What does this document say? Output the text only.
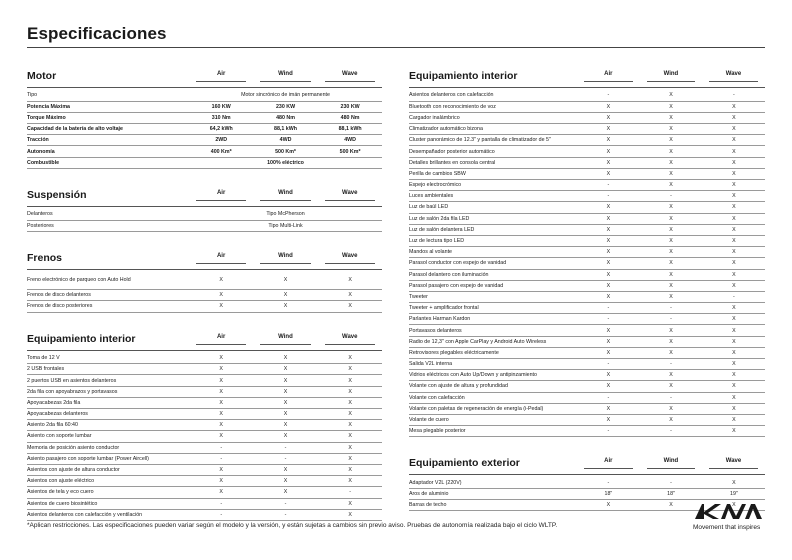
Especificaciones
Motor	Air	Wind	Wave
Tipo	Motor sincrónico de imán permanente		
Potencia Máxima	160 KW	230 KW	230 KW
Torque Máximo	310 Nm	480 Nm	480 Nm
Capacidad de la batería de alto voltaje	64,2 kWh	88,1 kWh	88,1 kWh
Tracción	2WD	4WD	4WD
Autonomía	400 Km*	500 Km*	500 Km*
Combustible	100% eléctrico		
Suspensión	Air	Wind	Wave
Delanteros	Tipo McPherson
Posteriores	Tipo Multi-Link
Frenos	Air	Wind	Wave
Freno electrónico de parqueo con Auto Hold	X	X	X
Frenos de disco delanteros	X	X	X
Frenos de disco posteriores	X	X	X
Equipamiento interior	Air	Wind	Wave
Toma de 12 V	X	X	X
2 USB frontales	X	X	X
2 puertos USB en asientos delanteros	X	X	X
2da fila con apoyabrazos y portavasos	X	X	X
Apoyacabezas 2da fila	X	X	X
Apoyacabezas delanteros	X	X	X
Asiento 2da fila 60:40	X	X	X
Asiento con soporte lumbar	X	X	X
Memoria de posición asiento conductor	-	-	X
Asiento pasajero con soporte lumbar (Power Aircell)	-	-	X
Asientos con ajuste de altura conductor	X	X	X
Asientos con ajuste eléctrico	X	X	X
Asientos de tela y eco cuero	X	X	-
Asientos de cuero biosintético	-	-	X
Asientos delanteros con calefacción y ventilación	-	-	X
Equipamiento interior	Air	Wind	Wave
Asientos delanteros con calefacción	-	X	-
Bluetooth con reconocimiento de voz	X	X	X
Cargador inalámbrico	X	X	X
Climatizador automático bizona	X	X	X
Cluster panorámico de 12.3" y pantalla de climatizador de 5"	X	X	X
Desempañador posterior automático	X	X	X
Detalles brillantes en consola central	X	X	X
Perilla de cambios SBW	X	X	X
Espejo electrocrómico	-	X	X
Luces ambientales	-	-	X
Luz de baúl LED	X	X	X
Luz de salón 2da fila LED	X	X	X
Luz de salón delantera LED	X	X	X
Luz de lectura tipo LED	X	X	X
Mandos al volante	X	X	X
Parasol conductor con espejo de vanidad	X	X	X
Parasol delantero con iluminación	X	X	X
Parasol pasajero con espejo de vanidad	X	X	X
Tweeter	X	X	-
Tweeter + amplificador frontal	-	-	X
Parlantes Harman Kardon	-	-	X
Portavasos delanteros	X	X	X
Radio de 12,3" con Apple CarPlay y Android Auto Wireless	X	X	X
Retrovisores plegables eléctricamente	X	X	X
Salida V2L interna	-	-	X
Vidrios eléctricos con Auto Up/Down y antipinzamiento	X	X	X
Volante con ajuste de altura y profundidad	X	X	X
Volante con calefacción	-	-	X
Volante con paletas de regeneración de energía (i-Pedal)	X	X	X
Volante de cuero	X	X	X
Mesa plegable posterior	-	-	X
Equipamiento exterior	Air	Wind	Wave
Adaptador V2L (220V)	-	-	X
Aros de aluminio	18"	18"	19"
Barras de techo	X	X	X
*Aplican restricciones. Las especificaciones pueden variar según el modelo y la versión, y están sujetas a cambios sin previo aviso. Pruebas de autonomía realizada bajo el ciclo WLTP.	Movement that inspires
